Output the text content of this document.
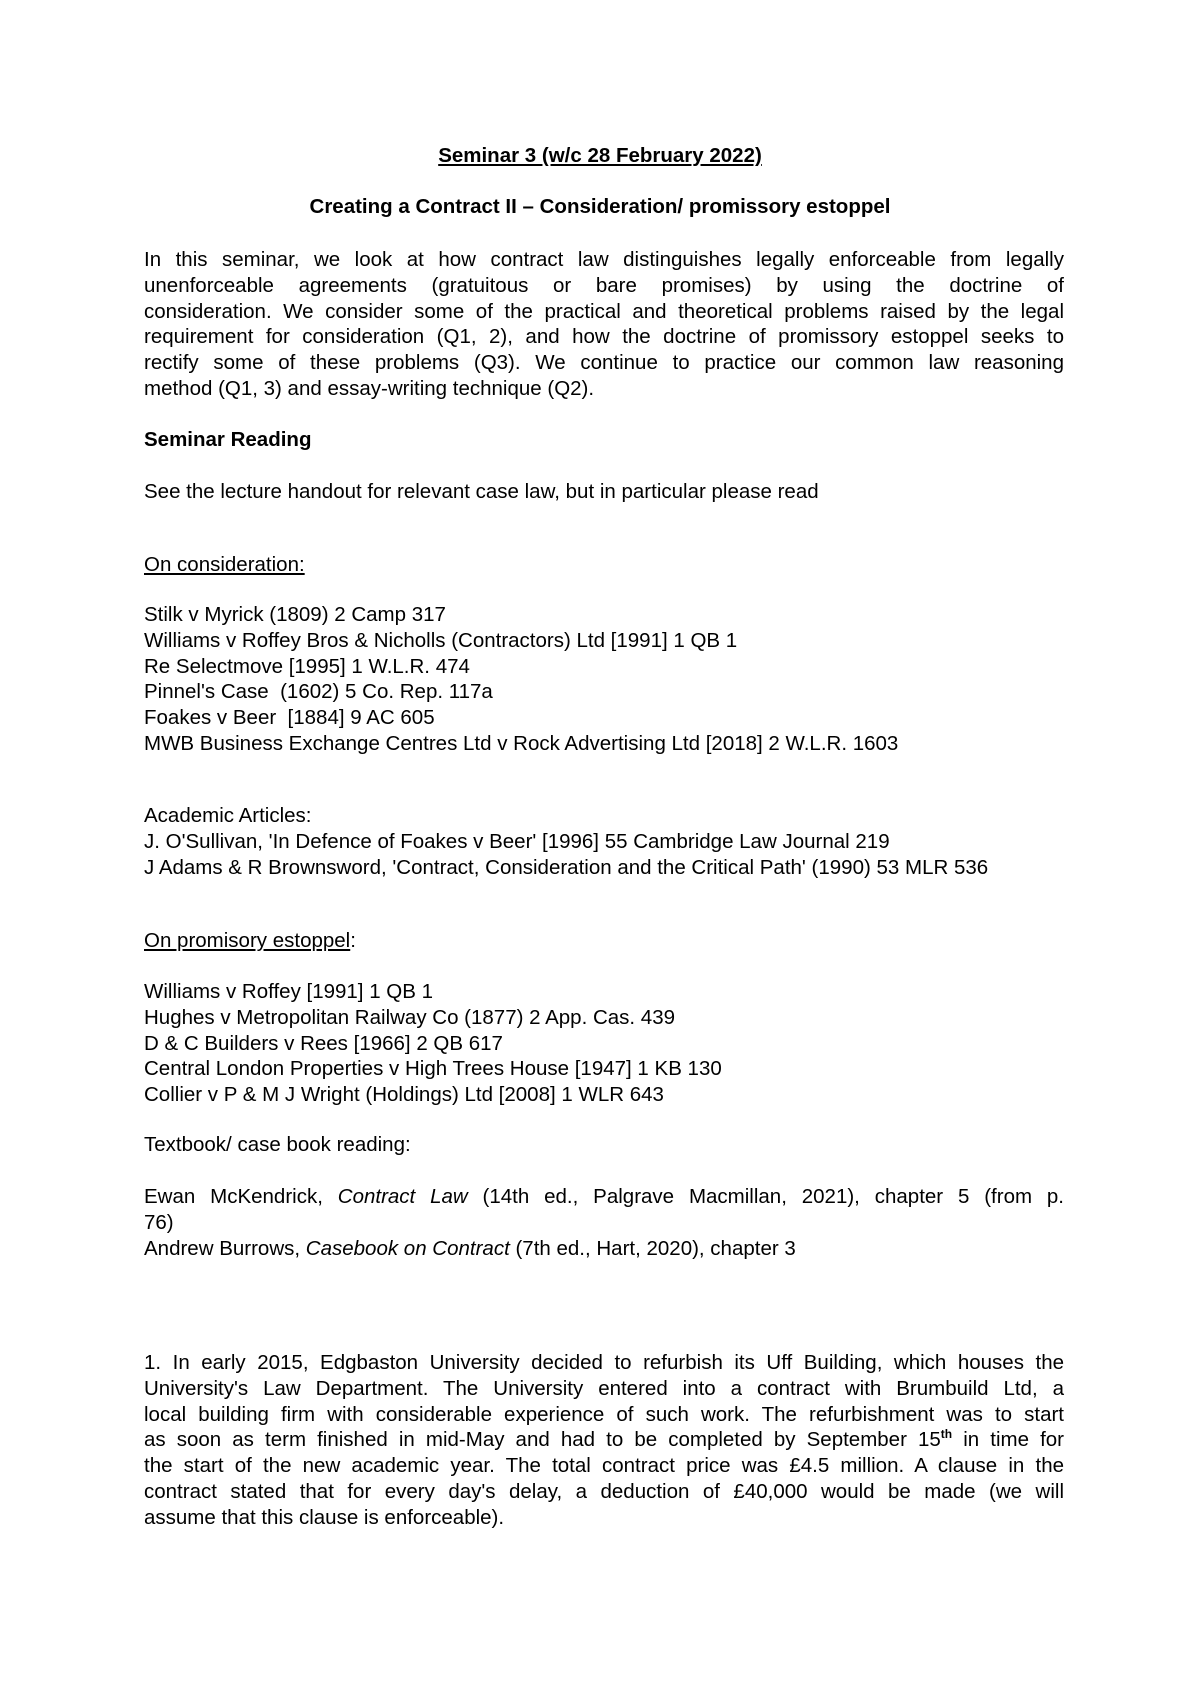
Seminar 3 (w/c 28 February 2022)

Creating a Contract II – Consideration/ promissory estoppel

In this seminar, we look at how contract law distinguishes legally enforceable from legally
unenforceable agreements (gratuitous or bare promises) by using the doctrine of
consideration. We consider some of the practical and theoretical problems raised by the legal
requirement for consideration (Q1, 2), and how the doctrine of promissory estoppel seeks to
rectify some of these problems (Q3). We continue to practice our common law reasoning
method (Q1, 3) and essay-writing technique (Q2).

Seminar Reading

See the lecture handout for relevant case law, but in particular please read

On consideration:

Stilk v Myrick (1809) 2 Camp 317
Williams v Roffey Bros & Nicholls (Contractors) Ltd [1991] 1 QB 1
Re Selectmove [1995] 1 W.L.R. 474
Pinnel's Case  (1602) 5 Co. Rep. 117a
Foakes v Beer  [1884] 9 AC 605
MWB Business Exchange Centres Ltd v Rock Advertising Ltd [2018] 2 W.L.R. 1603
Academic Articles:
J. O'Sullivan, 'In Defence of Foakes v Beer' [1996] 55 Cambridge Law Journal 219
J Adams & R Brownsword, 'Contract, Consideration and the Critical Path' (1990) 53 MLR 536

On promisory estoppel:

Williams v Roffey [1991] 1 QB 1
Hughes v Metropolitan Railway Co (1877) 2 App. Cas. 439
D & C Builders v Rees [1966] 2 QB 617
Central London Properties v High Trees House [1947] 1 KB 130
Collier v P & M J Wright (Holdings) Ltd [2008] 1 WLR 643

Textbook/ case book reading:

Ewan McKendrick, Contract Law (14th ed., Palgrave Macmillan, 2021), chapter 5 (from p.
76)
Andrew Burrows, Casebook on Contract (7th ed., Hart, 2020), chapter 3
1. In early 2015, Edgbaston University decided to refurbish its Uff Building, which houses the
University's Law Department. The University entered into a contract with Brumbuild Ltd, a
local building firm with considerable experience of such work. The refurbishment was to start
as soon as term finished in mid-May and had to be completed by September 15th in time for
the start of the new academic year. The total contract price was £4.5 million. A clause in the
contract stated that for every day's delay, a deduction of £40,000 would be made (we will
assume that this clause is enforceable).
